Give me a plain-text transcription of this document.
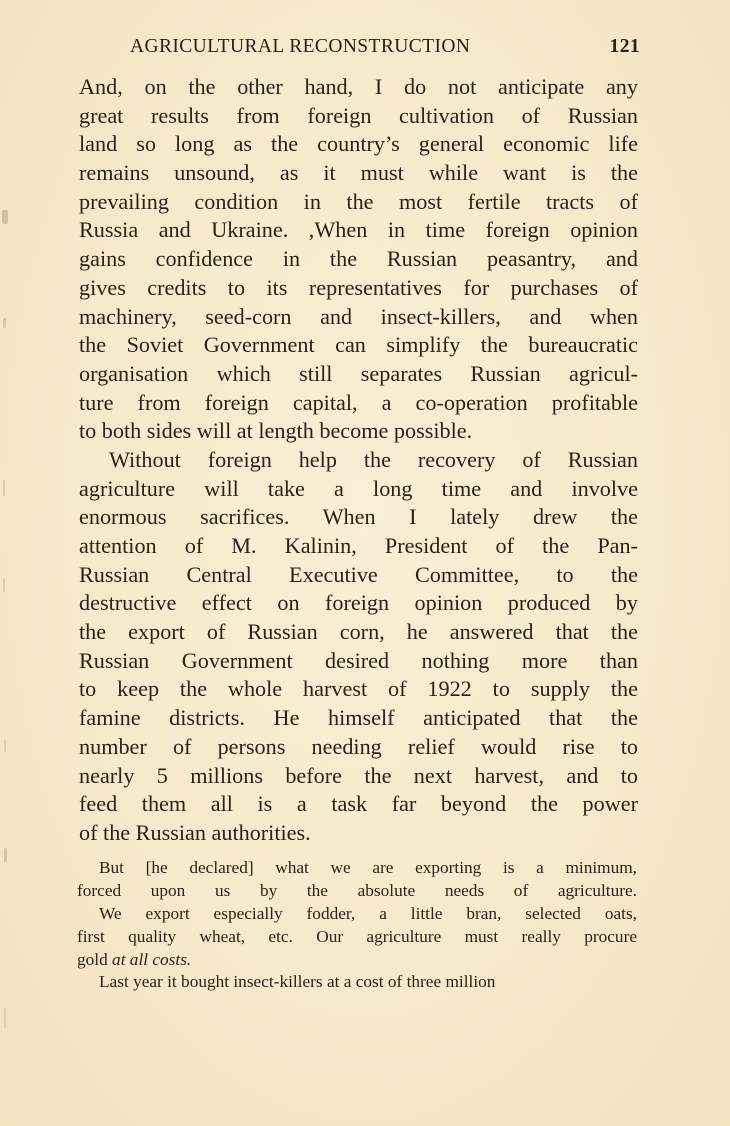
AGRICULTURAL RECONSTRUCTION	121
And, on the other hand, I do not anticipate any
great results from foreign cultivation of Russian
land so long as the country’s general economic life
remains unsound, as it must while want is the
prevailing condition in the most fertile tracts of
Russia and Ukraine. ,When in time foreign opinion
gains confidence in the Russian peasantry, and
gives credits to its representatives for purchases of
machinery, seed-corn and insect-killers, and when
the Soviet Government can simplify the bureaucratic
organisation which still separates Russian agricul-
ture from foreign capital, a co-operation profitable
to both sides will at length become possible.
Without foreign help the recovery of Russian
agriculture will take a long time and involve
enormous sacrifices. When I lately drew the
attention of M. Kalinin, President of the Pan-
Russian Central Executive Committee, to the
destructive effect on foreign opinion produced by
the export of Russian corn, he answered that the
Russian Government desired nothing more than
to keep the whole harvest of 1922 to supply the
famine districts. He himself anticipated that the
number of persons needing relief would rise to
nearly 5 millions before the next harvest, and to
feed them all is a task far beyond the power
of the Russian authorities.
But [he declared] what we are exporting is a minimum,
forced upon us by the absolute needs of agriculture.
We export especially fodder, a little bran, selected oats,
first quality wheat, etc. Our agriculture must really procure
gold at all costs.
Last year it bought insect-killers at a cost of three million
